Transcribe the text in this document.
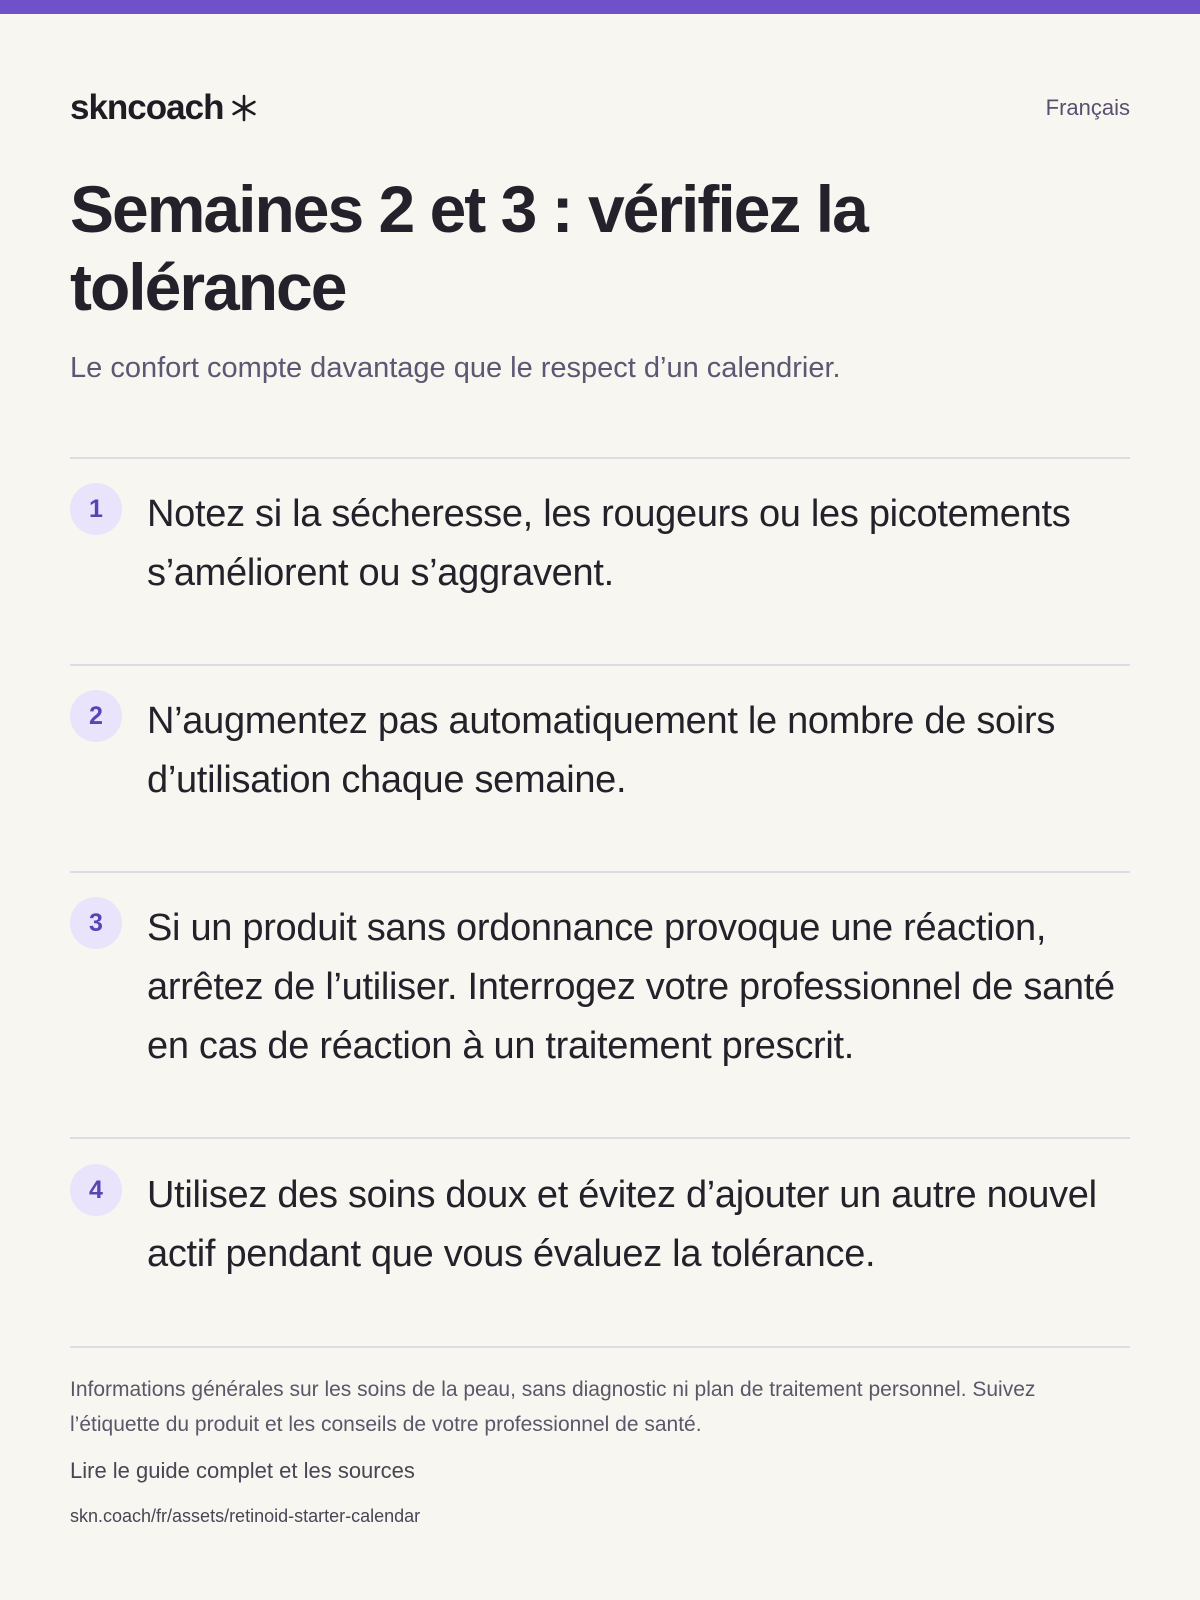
skncoach	Français
Semaines 2 et 3 : vérifiez la tolérance

Le confort compte davantage que le respect d’un calendrier.

1	Notez si la sécheresse, les rougeurs ou les picotements s’améliorent ou s’aggravent.

2	N’augmentez pas automatiquement le nombre de soirs d’utilisation chaque semaine.

3	Si un produit sans ordonnance provoque une réaction, arrêtez de l’utiliser. Interrogez votre professionnel de santé en cas de réaction à un traitement prescrit.

4	Utilisez des soins doux et évitez d’ajouter un autre nouvel actif pendant que vous évaluez la tolérance.

Informations générales sur les soins de la peau, sans diagnostic ni plan de traitement personnel. Suivez l’étiquette du produit et les conseils de votre professionnel de santé.

Lire le guide complet et les sources

skn.coach/fr/assets/retinoid-starter-calendar
